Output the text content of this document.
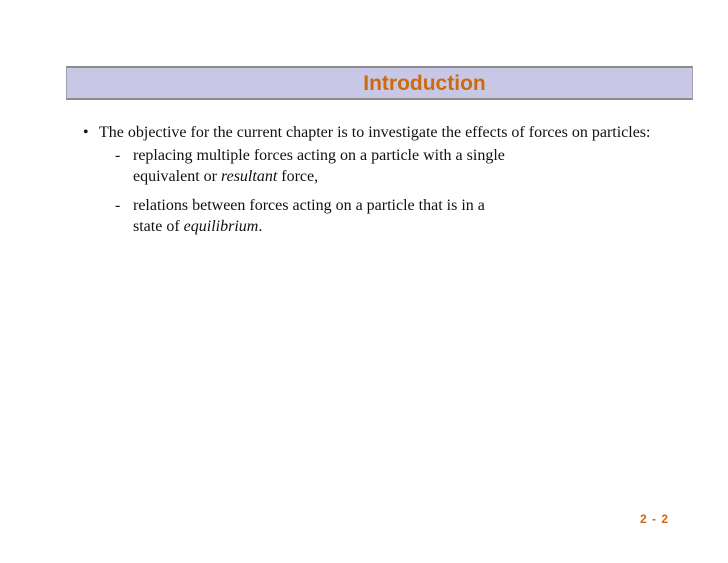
Introduction
• The objective for the current chapter is to investigate the effects of forces on particles:
- replacing multiple forces acting on a particle with a single
equivalent or resultant force,
- relations between forces acting on a particle that is in a
state of equilibrium.
2 - 2
